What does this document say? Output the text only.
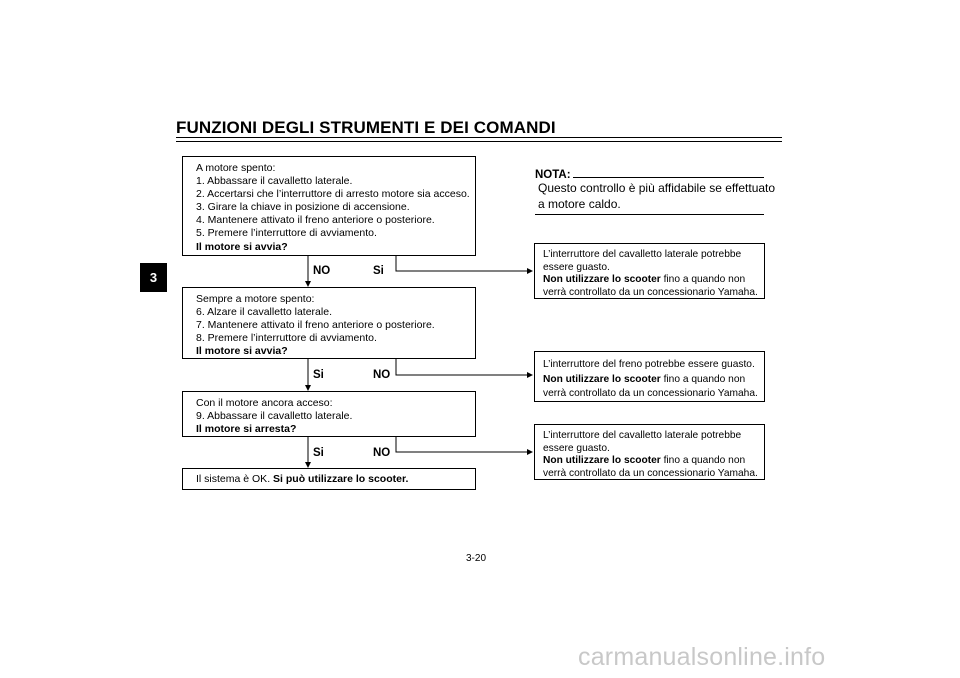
FUNZIONI DEGLI STRUMENTI E DEI COMANDI
3
A motore spento:
1. Abbassare il cavalletto laterale.
2. Accertarsi che l’interruttore di arresto motore sia acceso.
3. Girare la chiave in posizione di accensione.
4. Mantenere attivato il freno anteriore o posteriore.
5. Premere l’interruttore di avviamento.
Il motore si avvia?
NO	Si
Sempre a motore spento:
6. Alzare il cavalletto laterale.
7. Mantenere attivato il freno anteriore o posteriore.
8. Premere l’interruttore di avviamento.
Il motore si avvia?
Si	NO
Con il motore ancora acceso:
9. Abbassare il cavalletto laterale.
Il motore si arresta?
Si	NO
Il sistema è OK. Si può utilizzare lo scooter.
NOTA:
Questo controllo è più affidabile se effettuato
a motore caldo.
L’interruttore del cavalletto laterale potrebbe
essere guasto.
Non utilizzare lo scooter fino a quando non
verrà controllato da un concessionario Yamaha.
L’interruttore del freno potrebbe essere guasto.
Non utilizzare lo scooter fino a quando non
verrà controllato da un concessionario Yamaha.
L’interruttore del cavalletto laterale potrebbe
essere guasto.
Non utilizzare lo scooter fino a quando non
verrà controllato da un concessionario Yamaha.
3-20
carmanualsonline.info
